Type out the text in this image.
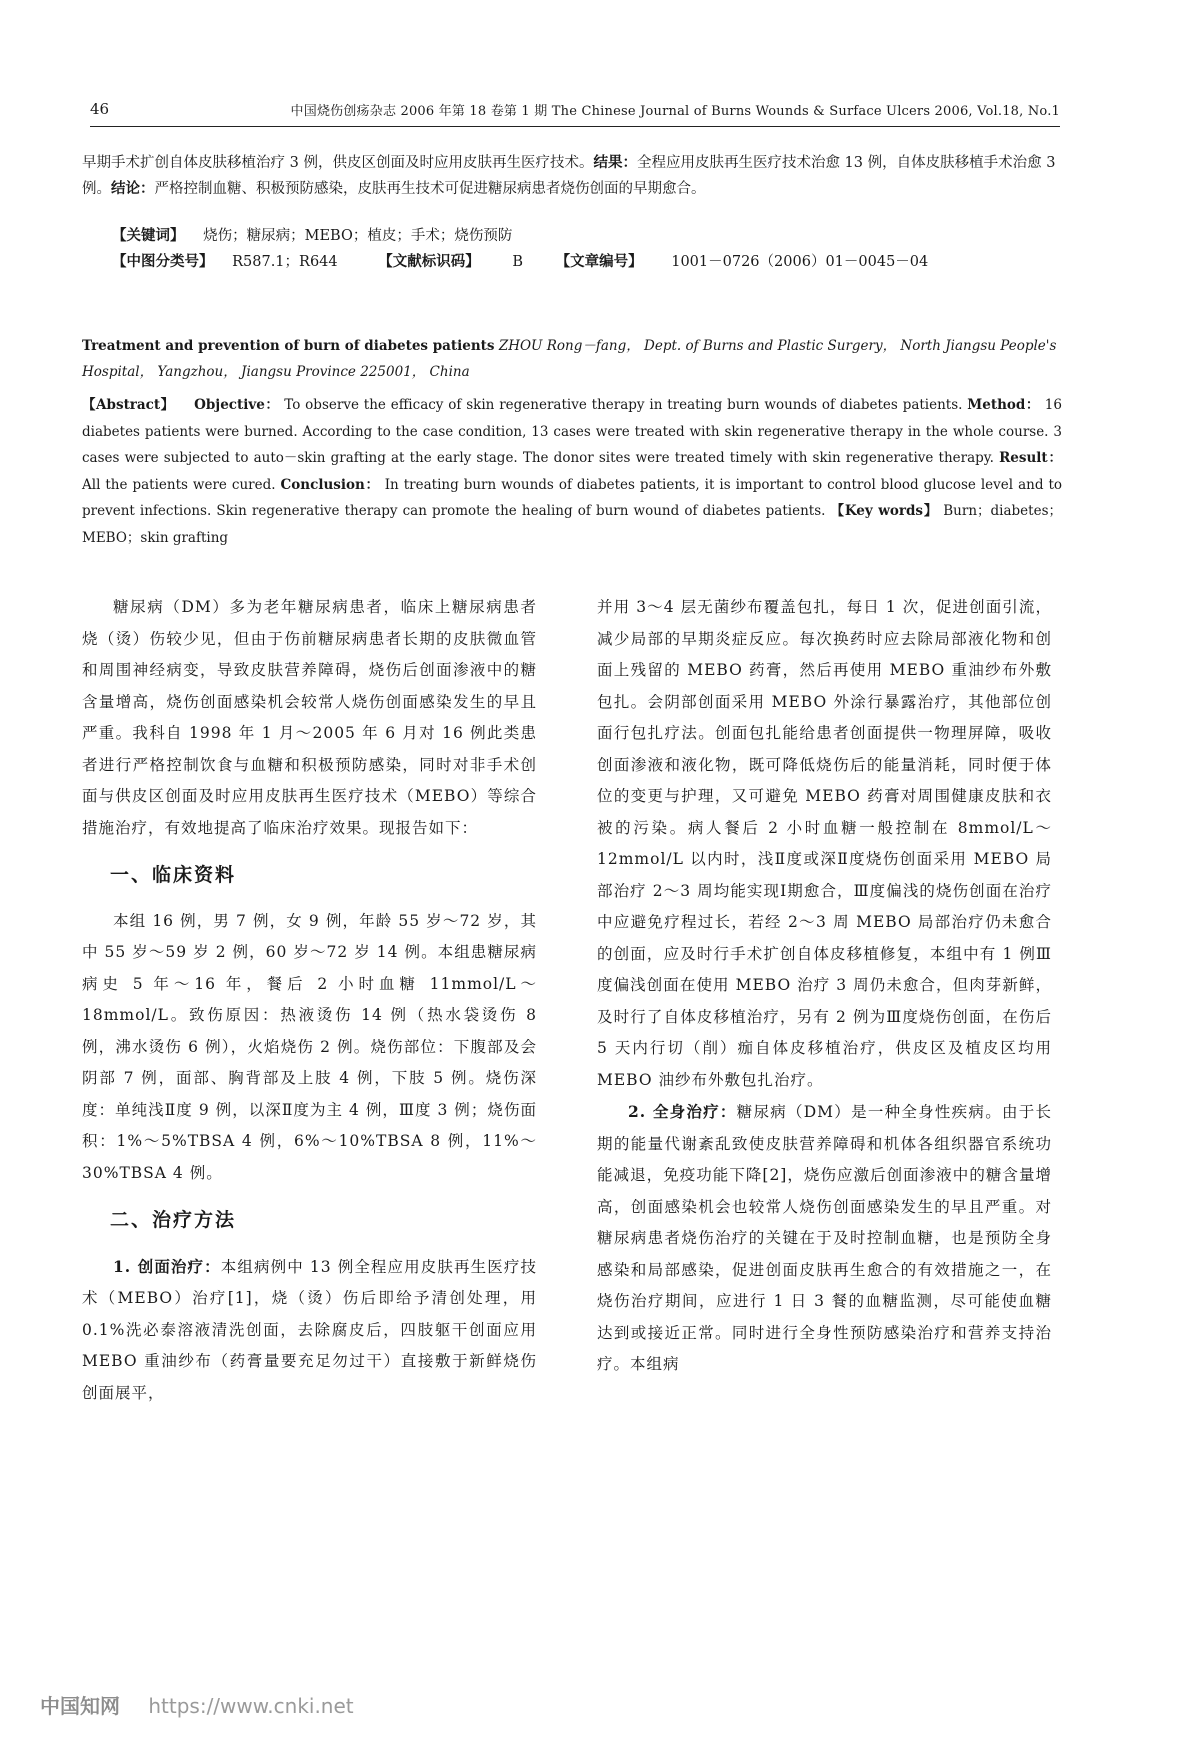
46	中国烧伤创疡杂志 2006 年第 18 卷第 1 期 The Chinese Journal of Burns Wounds & Surface Ulcers 2006, Vol.18, No.1
早期手术扩创自体皮肤移植治疗 3 例，供皮区创面及时应用皮肤再生医疗技术。结果：全程应用皮肤再生医疗技术治愈 13 例，自体皮肤移植手术治愈 3 例。结论：严格控制血糖、积极预防感染，皮肤再生技术可促进糖尿病患者烧伤创面的早期愈合。
【关键词】 烧伤；糖尿病；MEBO；植皮；手术；烧伤预防
【中图分类号】 R587.1；R644	【文献标识码】 B 【文章编号】 1001－0726（2006）01－0045－04
Treatment and prevention of burn of diabetes patients ZHOU Rong－fang， Dept. of Burns and Plastic Surgery， North Jiangsu People's Hospital， Yangzhou， Jiangsu Province 225001， China
【Abstract】 Objective： To observe the efficacy of skin regenerative therapy in treating burn wounds of diabetes patients. Method： 16 diabetes patients were burned. According to the case condition, 13 cases were treated with skin regenerative therapy in the whole course. 3 cases were subjected to auto－skin grafting at the early stage. The donor sites were treated timely with skin regenerative therapy. Result： All the patients were cured. Conclusion： In treating burn wounds of diabetes patients, it is important to control blood glucose level and to prevent infections. Skin regenerative therapy can promote the healing of burn wound of diabetes patients. 【Key words】 Burn；diabetes；MEBO；skin grafting

糖尿病（DM）多为老年糖尿病患者，临床上糖尿病患者烧（烫）伤较少见，但由于伤前糖尿病患者长期的皮肤微血管和周围神经病变，导致皮肤营养障碍，烧伤后创面渗液中的糖含量增高，烧伤创面感染机会较常人烧伤创面感染发生的早且严重。我科自 1998 年 1 月～2005 年 6 月对 16 例此类患者进行严格控制饮食与血糖和积极预防感染，同时对非手术创面与供皮区创面及时应用皮肤再生医疗技术（MEBO）等综合措施治疗，有效地提高了临床治疗效果。现报告如下：

一、临床资料

本组 16 例，男 7 例，女 9 例，年龄 55 岁～72 岁，其中 55 岁～59 岁 2 例，60 岁～72 岁 14 例。本组患糖尿病病史 5 年～16 年，餐后 2 小时血糖 11mmol/L～18mmol/L。致伤原因：热液烫伤 14 例（热水袋烫伤 8 例，沸水烫伤 6 例），火焰烧伤 2 例。烧伤部位：下腹部及会阴部 7 例，面部、胸背部及上肢 4 例，下肢 5 例。烧伤深度：单纯浅Ⅱ度 9 例，以深Ⅱ度为主 4 例，Ⅲ度 3 例；烧伤面积：1%～5%TBSA 4 例，6%～10%TBSA 8 例，11%～30%TBSA 4 例。

二、治疗方法

1. 创面治疗：本组病例中 13 例全程应用皮肤再生医疗技术（MEBO）治疗[1]，烧（烫）伤后即给予清创处理，用 0.1%洗必泰溶液清洗创面，去除腐皮后，四肢躯干创面应用 MEBO 重油纱布（药膏量要充足勿过干）直接敷于新鲜烧伤创面展平，

并用 3～4 层无菌纱布覆盖包扎，每日 1 次，促进创面引流，减少局部的早期炎症反应。每次换药时应去除局部液化物和创面上残留的 MEBO 药膏，然后再使用 MEBO 重油纱布外敷包扎。会阴部创面采用 MEBO 外涂行暴露治疗，其他部位创面行包扎疗法。创面包扎能给患者创面提供一物理屏障，吸收创面渗液和液化物，既可降低烧伤后的能量消耗，同时便于体位的变更与护理，又可避免 MEBO 药膏对周围健康皮肤和衣被的污染。病人餐后 2 小时血糖一般控制在 8mmol/L～12mmol/L 以内时，浅Ⅱ度或深Ⅱ度烧伤创面采用 MEBO 局部治疗 2～3 周均能实现Ⅰ期愈合，Ⅲ度偏浅的烧伤创面在治疗中应避免疗程过长，若经 2～3 周 MEBO 局部治疗仍未愈合的创面，应及时行手术扩创自体皮移植修复，本组中有 1 例Ⅲ度偏浅创面在使用 MEBO 治疗 3 周仍未愈合，但肉芽新鲜，及时行了自体皮移植治疗，另有 2 例为Ⅲ度烧伤创面，在伤后 5 天内行切（削）痂自体皮移植治疗，供皮区及植皮区均用 MEBO 油纱布外敷包扎治疗。

2. 全身治疗：糖尿病（DM）是一种全身性疾病。由于长期的能量代谢紊乱致使皮肤营养障碍和机体各组织器官系统功能减退，免疫功能下降[2]，烧伤应激后创面渗液中的糖含量增高，创面感染机会也较常人烧伤创面感染发生的早且严重。对糖尿病患者烧伤治疗的关键在于及时控制血糖，也是预防全身感染和局部感染，促进创面皮肤再生愈合的有效措施之一，在烧伤治疗期间，应进行 1 日 3 餐的血糖监测，尽可能使血糖达到或接近正常。同时进行全身性预防感染治疗和营养支持治疗。本组病

中国知网 https://www.cnki.net
